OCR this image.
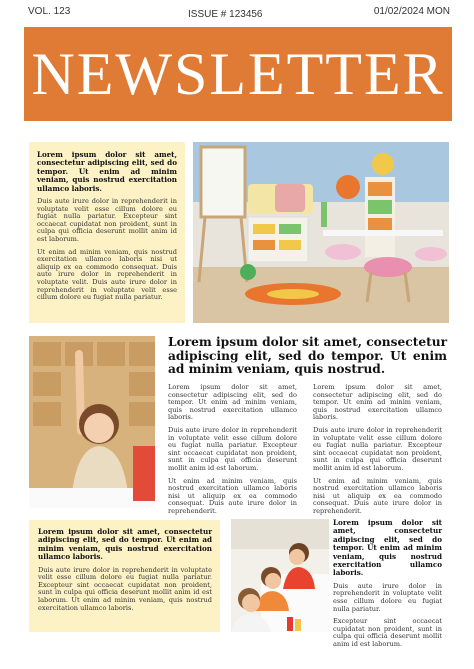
VOL. 123	ISSUE # 123456	01/02/2024 MON
NEWSLETTER

Lorem ipsum dolor sit amet, consectetur adipiscing elit, sed do tempor. Ut enim ad minim veniam, quis nostrud exercitation ullamco laboris.

Duis aute irure dolor in reprehenderit in voluptate velit esse cillum dolore eu fugiat nulla pariatur. Excepteur sint occaecat cupidatat non proident, sunt in culpa qui officia deserunt mollit anim id est laborum.

Ut enim ad minim veniam, quis nostrud exercitation ullamco laboris nisi ut aliquip ex ea commodo consequat. Duis aute irure dolor in reprehenderit in voluptate velit. Duis aute irure dolor in reprehenderit in voluptate velit esse cillum dolore eu fugiat nulla pariatur.

Lorem ipsum dolor sit amet, consectetur adipiscing elit, sed do tempor. Ut enim ad minim veniam, quis nostrud.

Lorem ipsum dolor sit amet, consectetur adipiscing elit, sed do tempor. Ut enim ad minim veniam, quis nostrud exercitation ullamco laboris.

Duis aute irure dolor in reprehenderit in voluptate velit esse cillum dolore eu fugiat nulla pariatur. Excepteur sint occaecat cupidatat non proident, sunt in culpa qui officia deserunt mollit anim id est laborum.

Ut enim ad minim veniam, quis nostrud exercitation ullamco laboris nisi ut aliquip ex ea commodo consequat. Duis aute irure dolor in reprehenderit.

Lorem ipsum dolor sit amet, consectetur adipiscing elit, sed do tempor. Ut enim ad minim veniam, quis nostrud exercitation ullamco laboris.

Duis aute irure dolor in reprehenderit in voluptate velit esse cillum dolore eu fugiat nulla pariatur. Excepteur sint occaecat cupidatat non proident, sunt in culpa qui officia deserunt mollit anim id est laborum.

Ut enim ad minim veniam, quis nostrud exercitation ullamco laboris nisi ut aliquip ex ea commodo consequat. Duis aute irure dolor in reprehenderit.

Lorem ipsum dolor sit amet, consectetur adipiscing elit, sed do tempor. Ut enim ad minim veniam, quis nostrud exercitation ullamco laboris.

Duis aute irure dolor in reprehenderit in voluptate velit esse cillum dolore eu fugiat nulla pariatur. Excepteur sint occaecat cupidatat non proident, sunt in culpa qui officia deserunt mollit anim id est laborum. Ut enim ad minim veniam, quis nostrud exercitation ullamco laboris.

Lorem ipsum dolor sit amet, consectetur adipiscing elit, sed do tempor. Ut enim ad minim veniam, quis nostrud exercitation ullamco laboris.

Duis aute irure dolor in reprehenderit in voluptate velit esse cillum dolore eu fugiat nulla pariatur.

Excepteur sint occaecat cupidatat non proident, sunt in culpa qui officia deserunt mollit anim id est laborum.
